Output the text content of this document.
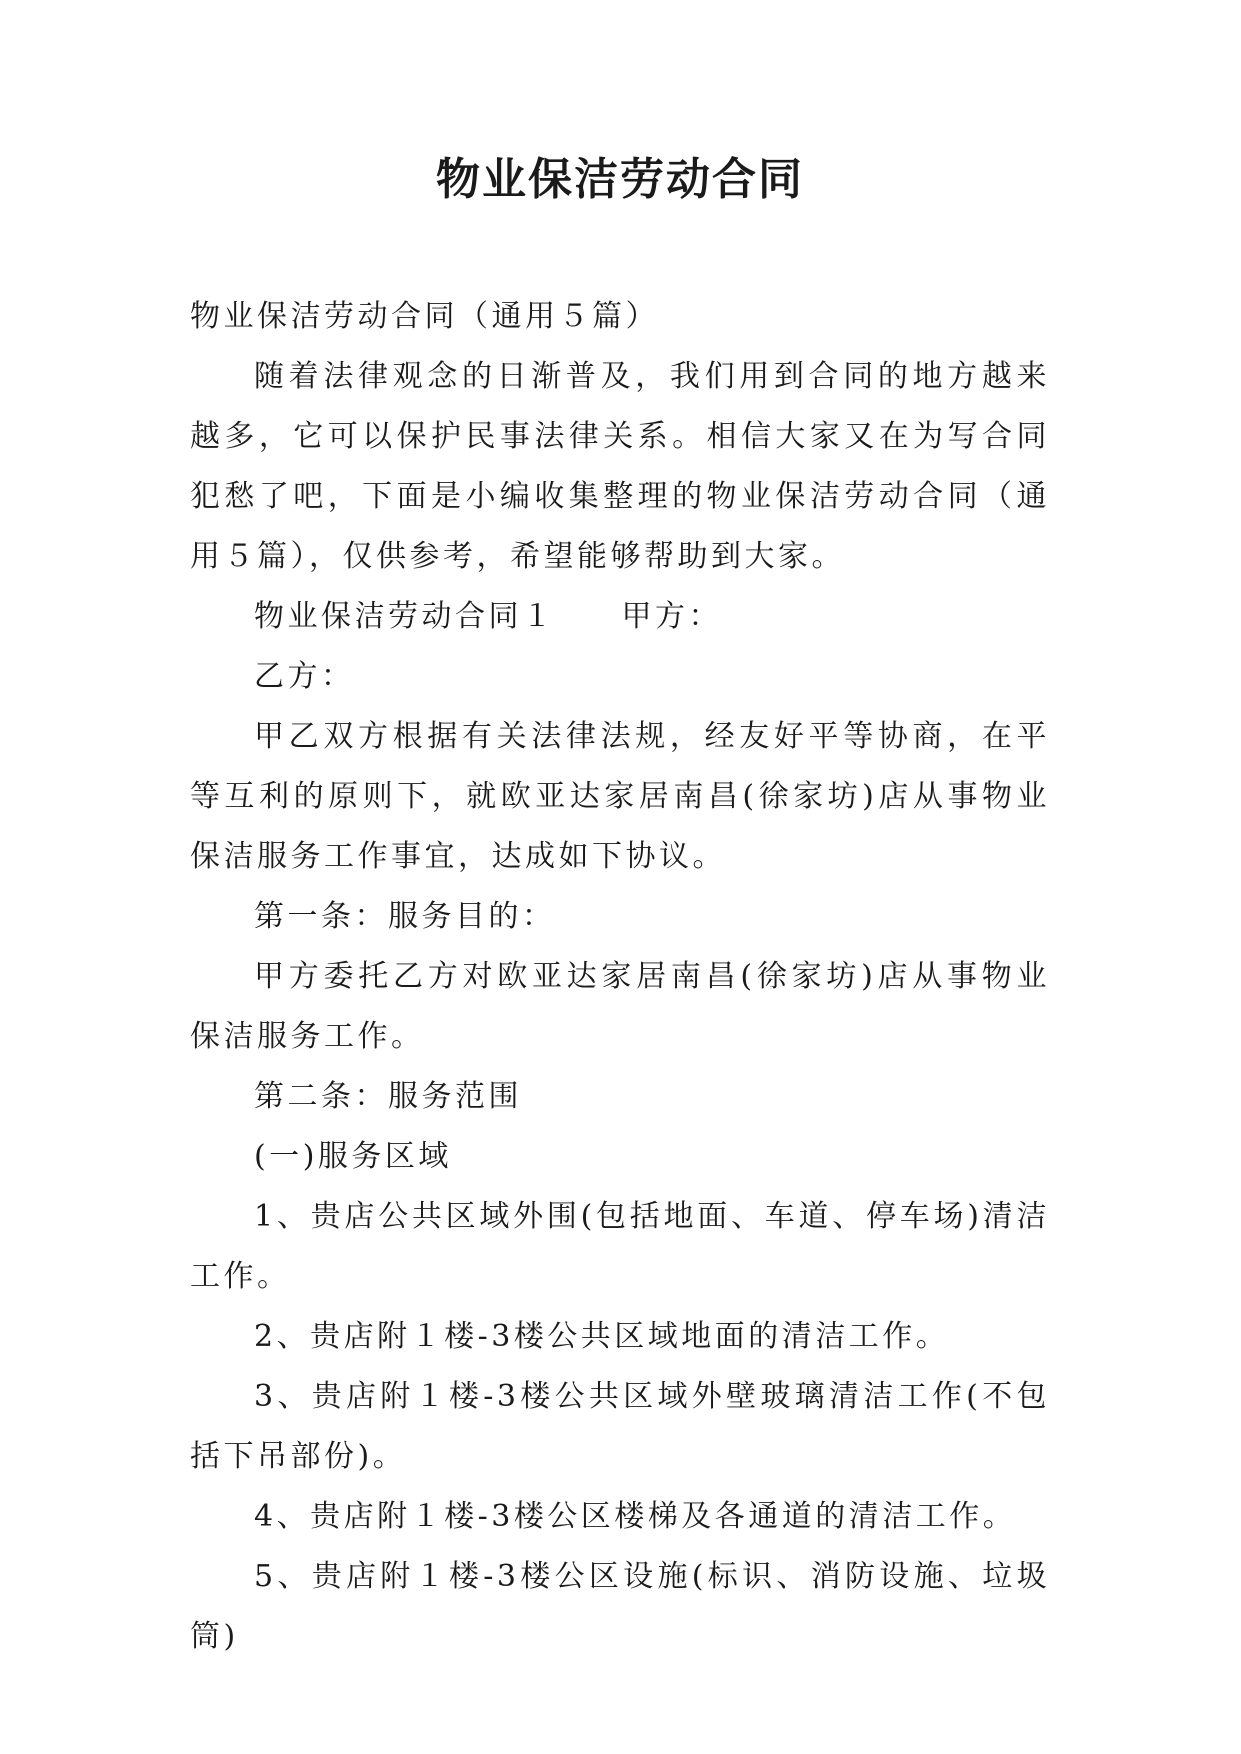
物业保洁劳动合同

物业保洁劳动合同（通用５篇）

随着法律观念的日渐普及，我们用到合同的地方越来越多，它可以保护民事法律关系。相信大家又在为写合同犯愁了吧，下面是小编收集整理的物业保洁劳动合同（通用５篇），仅供参考，希望能够帮助到大家。

物业保洁劳动合同１ 甲方：

乙方：

甲乙双方根据有关法律法规，经友好平等协商，在平等互利的原则下，就欧亚达家居南昌(徐家坊)店从事物业保洁服务工作事宜，达成如下协议。

第一条：服务目的：

甲方委托乙方对欧亚达家居南昌(徐家坊)店从事物业保洁服务工作。

第二条：服务范围

(一)服务区域

1、贵店公共区域外围(包括地面、车道、停车场)清洁工作。

2、贵店附１楼-3楼公共区域地面的清洁工作。

3、贵店附１楼-3楼公共区域外壁玻璃清洁工作(不包括下吊部份)。

4、贵店附１楼-3楼公区楼梯及各通道的清洁工作。

5、贵店附１楼-3楼公区设施(标识、消防设施、垃圾筒)
